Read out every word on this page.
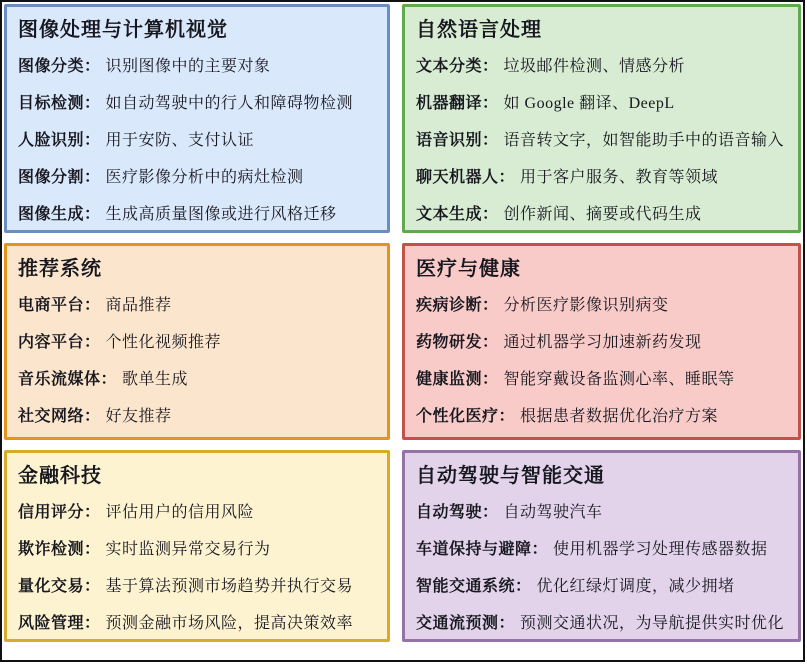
图像处理与计算机视觉

图像分类： 识别图像中的主要对象

目标检测： 如自动驾驶中的行人和障碍物检测

人脸识别： 用于安防、支付认证

图像分割： 医疗影像分析中的病灶检测

图像生成： 生成高质量图像或进行风格迁移

自然语言处理

文本分类： 垃圾邮件检测、情感分析

机器翻译： 如 Google 翻译、DeepL

语音识别： 语音转文字，如智能助手中的语音输入

聊天机器人： 用于客户服务、教育等领域

文本生成： 创作新闻、摘要或代码生成

推荐系统

电商平台： 商品推荐

内容平台： 个性化视频推荐

音乐流媒体： 歌单生成

社交网络： 好友推荐

医疗与健康

疾病诊断： 分析医疗影像识别病变

药物研发： 通过机器学习加速新药发现

健康监测： 智能穿戴设备监测心率、睡眠等

个性化医疗： 根据患者数据优化治疗方案

金融科技

信用评分： 评估用户的信用风险

欺诈检测： 实时监测异常交易行为

量化交易： 基于算法预测市场趋势并执行交易

风险管理： 预测金融市场风险，提高决策效率

自动驾驶与智能交通

自动驾驶： 自动驾驶汽车

车道保持与避障： 使用机器学习处理传感器数据

智能交通系统： 优化红绿灯调度，减少拥堵

交通流预测： 预测交通状况，为导航提供实时优化
